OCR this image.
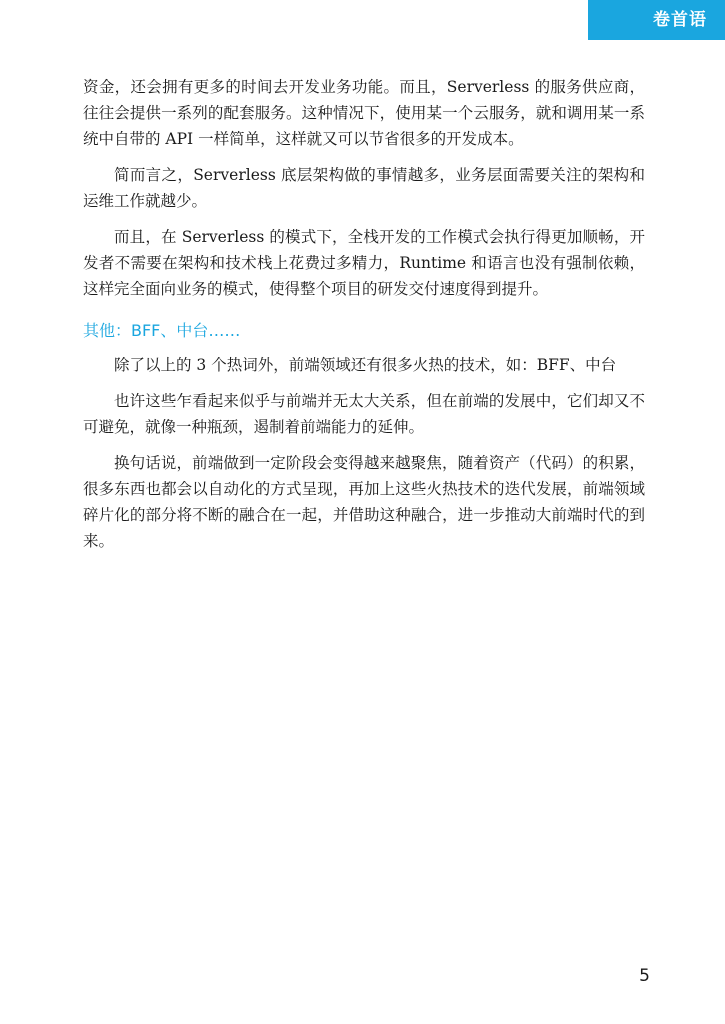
卷首语

资金，还会拥有更多的时间去开发业务功能。而且，Serverless 的服务供应商，往往会提供一系列的配套服务。这种情况下，使用某一个云服务，就和调用某一系统中自带的 API 一样简单，这样就又可以节省很多的开发成本。

简而言之，Serverless 底层架构做的事情越多，业务层面需要关注的架构和运维工作就越少。

而且，在 Serverless 的模式下，全栈开发的工作模式会执行得更加顺畅，开发者不需要在架构和技术栈上花费过多精力，Runtime 和语言也没有强制依赖，这样完全面向业务的模式，使得整个项目的研发交付速度得到提升。

其他：BFF、中台……

除了以上的 3 个热词外，前端领域还有很多火热的技术，如：BFF、中台

也许这些乍看起来似乎与前端并无太大关系，但在前端的发展中，它们却又不可避免，就像一种瓶颈，遏制着前端能力的延伸。

换句话说，前端做到一定阶段会变得越来越聚焦，随着资产（代码）的积累，很多东西也都会以自动化的方式呈现，再加上这些火热技术的迭代发展，前端领域碎片化的部分将不断的融合在一起，并借助这种融合，进一步推动大前端时代的到来。

5
